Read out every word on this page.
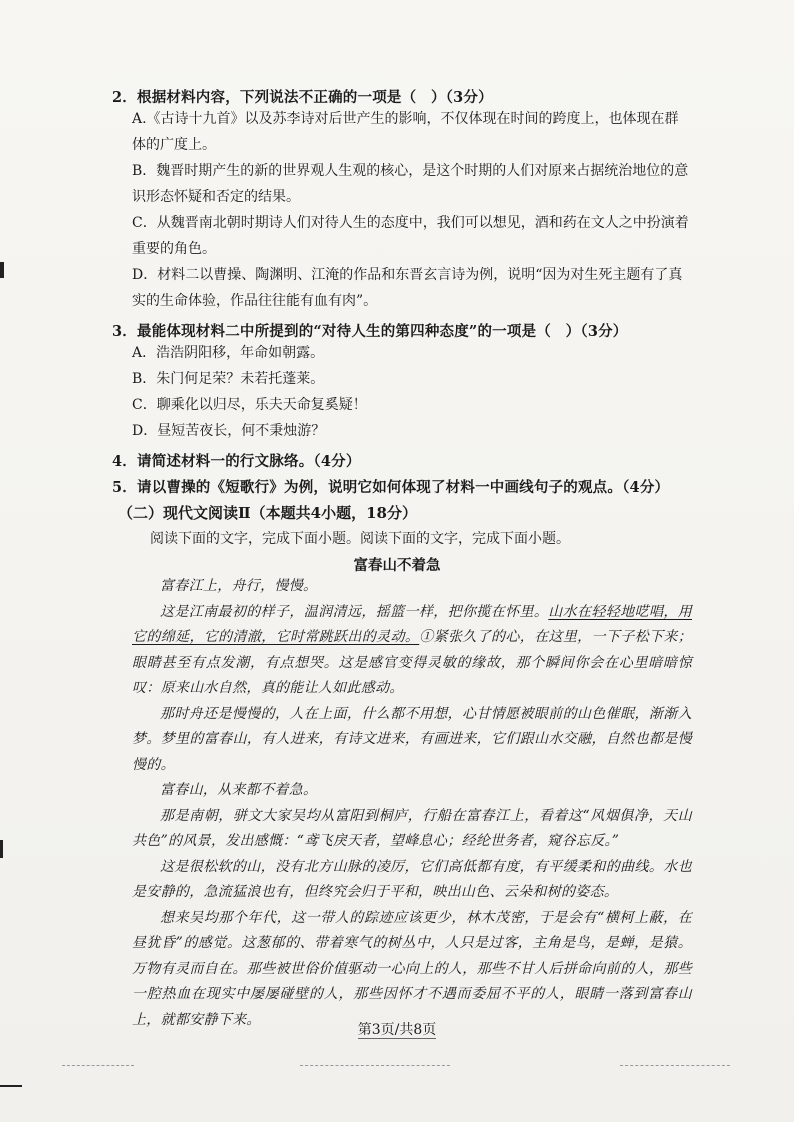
2．根据材料内容，下列说法不正确的一项是（　）（3分）
A.《古诗十九首》以及苏李诗对后世产生的影响，不仅体现在时间的跨度上，也体现在群体的广度上。
B．魏晋时期产生的新的世界观人生观的核心，是这个时期的人们对原来占据统治地位的意识形态怀疑和否定的结果。
C．从魏晋南北朝时期诗人们对待人生的态度中，我们可以想见，酒和药在文人之中扮演着重要的角色。
D．材料二以曹操、陶渊明、江淹的作品和东晋玄言诗为例，说明“因为对生死主题有了真实的生命体验，作品往往能有血有肉”。
3．最能体现材料二中所提到的“对待人生的第四种态度”的一项是（　）（3分）
A．浩浩阴阳移，年命如朝露。
B．朱门何足荣？未若托蓬莱。
C．聊乘化以归尽，乐夫天命复奚疑！
D．昼短苦夜长，何不秉烛游？
4．请简述材料一的行文脉络。（4分）
5．请以曹操的《短歌行》为例，说明它如何体现了材料一中画线句子的观点。（4分）
（二）现代文阅读Ⅱ（本题共4小题，18分）
阅读下面的文字，完成下面小题。阅读下面的文字，完成下面小题。
富春山不着急

富春江上，舟行，慢慢。

这是江南最初的样子，温润清远，摇篮一样，把你揽在怀里。山水在轻轻地呓唱，用它的绵延，它的清澈，它时常跳跃出的灵动。①紧张久了的心，在这里，一下子松下来；眼睛甚至有点发潮，有点想哭。这是感官变得灵敏的缘故，那个瞬间你会在心里暗暗惊叹：原来山水自然，真的能让人如此感动。

那时舟还是慢慢的，人在上面，什么都不用想，心甘情愿被眼前的山色催眠，渐渐入梦。梦里的富春山，有人进来，有诗文进来，有画进来，它们跟山水交融，自然也都是慢慢的。

富春山，从来都不着急。

那是南朝，骈文大家吴均从富阳到桐庐，行船在富春江上，看着这“风烟俱净，天山共色”的风景，发出感慨：“鸢飞戾天者，望峰息心；经纶世务者，窥谷忘反。”

这是很松软的山，没有北方山脉的凌厉，它们高低都有度，有平缓柔和的曲线。水也是安静的，急流猛浪也有，但终究会归于平和，映出山色、云朵和树的姿态。

想来吴均那个年代，这一带人的踪迹应该更少，林木茂密，于是会有“横柯上蔽，在昼犹昏”的感觉。这葱郁的、带着寒气的树丛中，人只是过客，主角是鸟，是蝉，是猿。万物有灵而自在。那些被世俗价值驱动一心向上的人，那些不甘人后拼命向前的人，那些一腔热血在现实中屡屡碰壁的人，那些因怀才不遇而委屈不平的人，眼睛一落到富春山上，就都安静下来。

第3页/共8页
